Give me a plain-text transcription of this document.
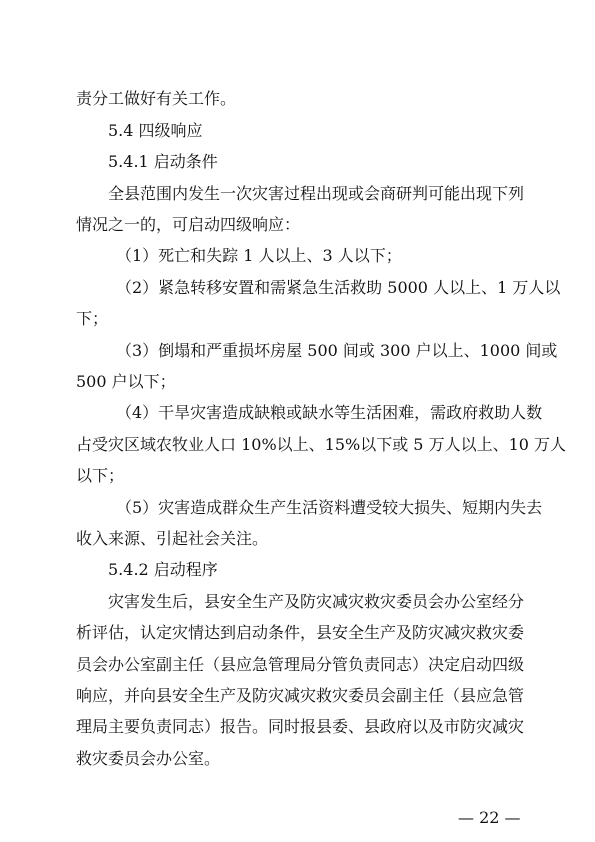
责分工做好有关工作。
5.4 四级响应
5.4.1 启动条件
全县范围内发生一次灾害过程出现或会商研判可能出现下列
情况之一的，可启动四级响应：
（1）死亡和失踪 1 人以上、3 人以下；
（2）紧急转移安置和需紧急生活救助 5000 人以上、1 万人以
下；
（3）倒塌和严重损坏房屋 500 间或 300 户以上、1000 间或
500 户以下；
（4）干旱灾害造成缺粮或缺水等生活困难，需政府救助人数
占受灾区域农牧业人口 10%以上、15%以下或 5 万人以上、10 万人
以下；
（5）灾害造成群众生产生活资料遭受较大损失、短期内失去
收入来源、引起社会关注。
5.4.2 启动程序
灾害发生后，县安全生产及防灾减灾救灾委员会办公室经分
析评估，认定灾情达到启动条件，县安全生产及防灾减灾救灾委
员会办公室副主任（县应急管理局分管负责同志）决定启动四级
响应，并向县安全生产及防灾减灾救灾委员会副主任（县应急管
理局主要负责同志）报告。同时报县委、县政府以及市防灾减灾
救灾委员会办公室。
— 22 —
